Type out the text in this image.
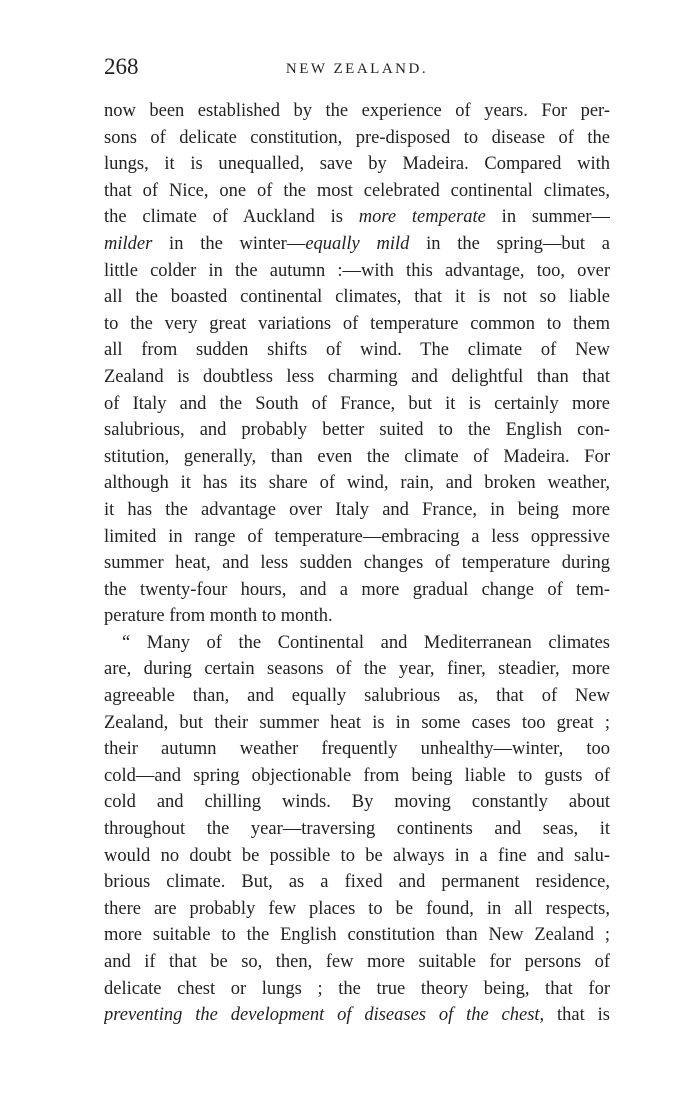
268	NEW ZEALAND.
now been established by the experience of years. For per-
sons of delicate constitution, pre-disposed to disease of the
lungs, it is unequalled, save by Madeira. Compared with
that of Nice, one of the most celebrated continental climates,
the climate of Auckland is more temperate in summer—
milder in the winter—equally mild in the spring—but a
little colder in the autumn :—with this advantage, too, over
all the boasted continental climates, that it is not so liable
to the very great variations of temperature common to them
all from sudden shifts of wind. The climate of New
Zealand is doubtless less charming and delightful than that
of Italy and the South of France, but it is certainly more
salubrious, and probably better suited to the English con-
stitution, generally, than even the climate of Madeira. For
although it has its share of wind, rain, and broken weather,
it has the advantage over Italy and France, in being more
limited in range of temperature—embracing a less oppressive
summer heat, and less sudden changes of temperature during
the twenty-four hours, and a more gradual change of tem-
perature from month to month.
“ Many of the Continental and Mediterranean climates
are, during certain seasons of the year, finer, steadier, more
agreeable than, and equally salubrious as, that of New
Zealand, but their summer heat is in some cases too great ;
their autumn weather frequently unhealthy—winter, too
cold—and spring objectionable from being liable to gusts of
cold and chilling winds. By moving constantly about
throughout the year—traversing continents and seas, it
would no doubt be possible to be always in a fine and salu-
brious climate. But, as a fixed and permanent residence,
there are probably few places to be found, in all respects,
more suitable to the English constitution than New Zealand ;
and if that be so, then, few more suitable for persons of
delicate chest or lungs ; the true theory being, that for
preventing the development of diseases of the chest, that is
